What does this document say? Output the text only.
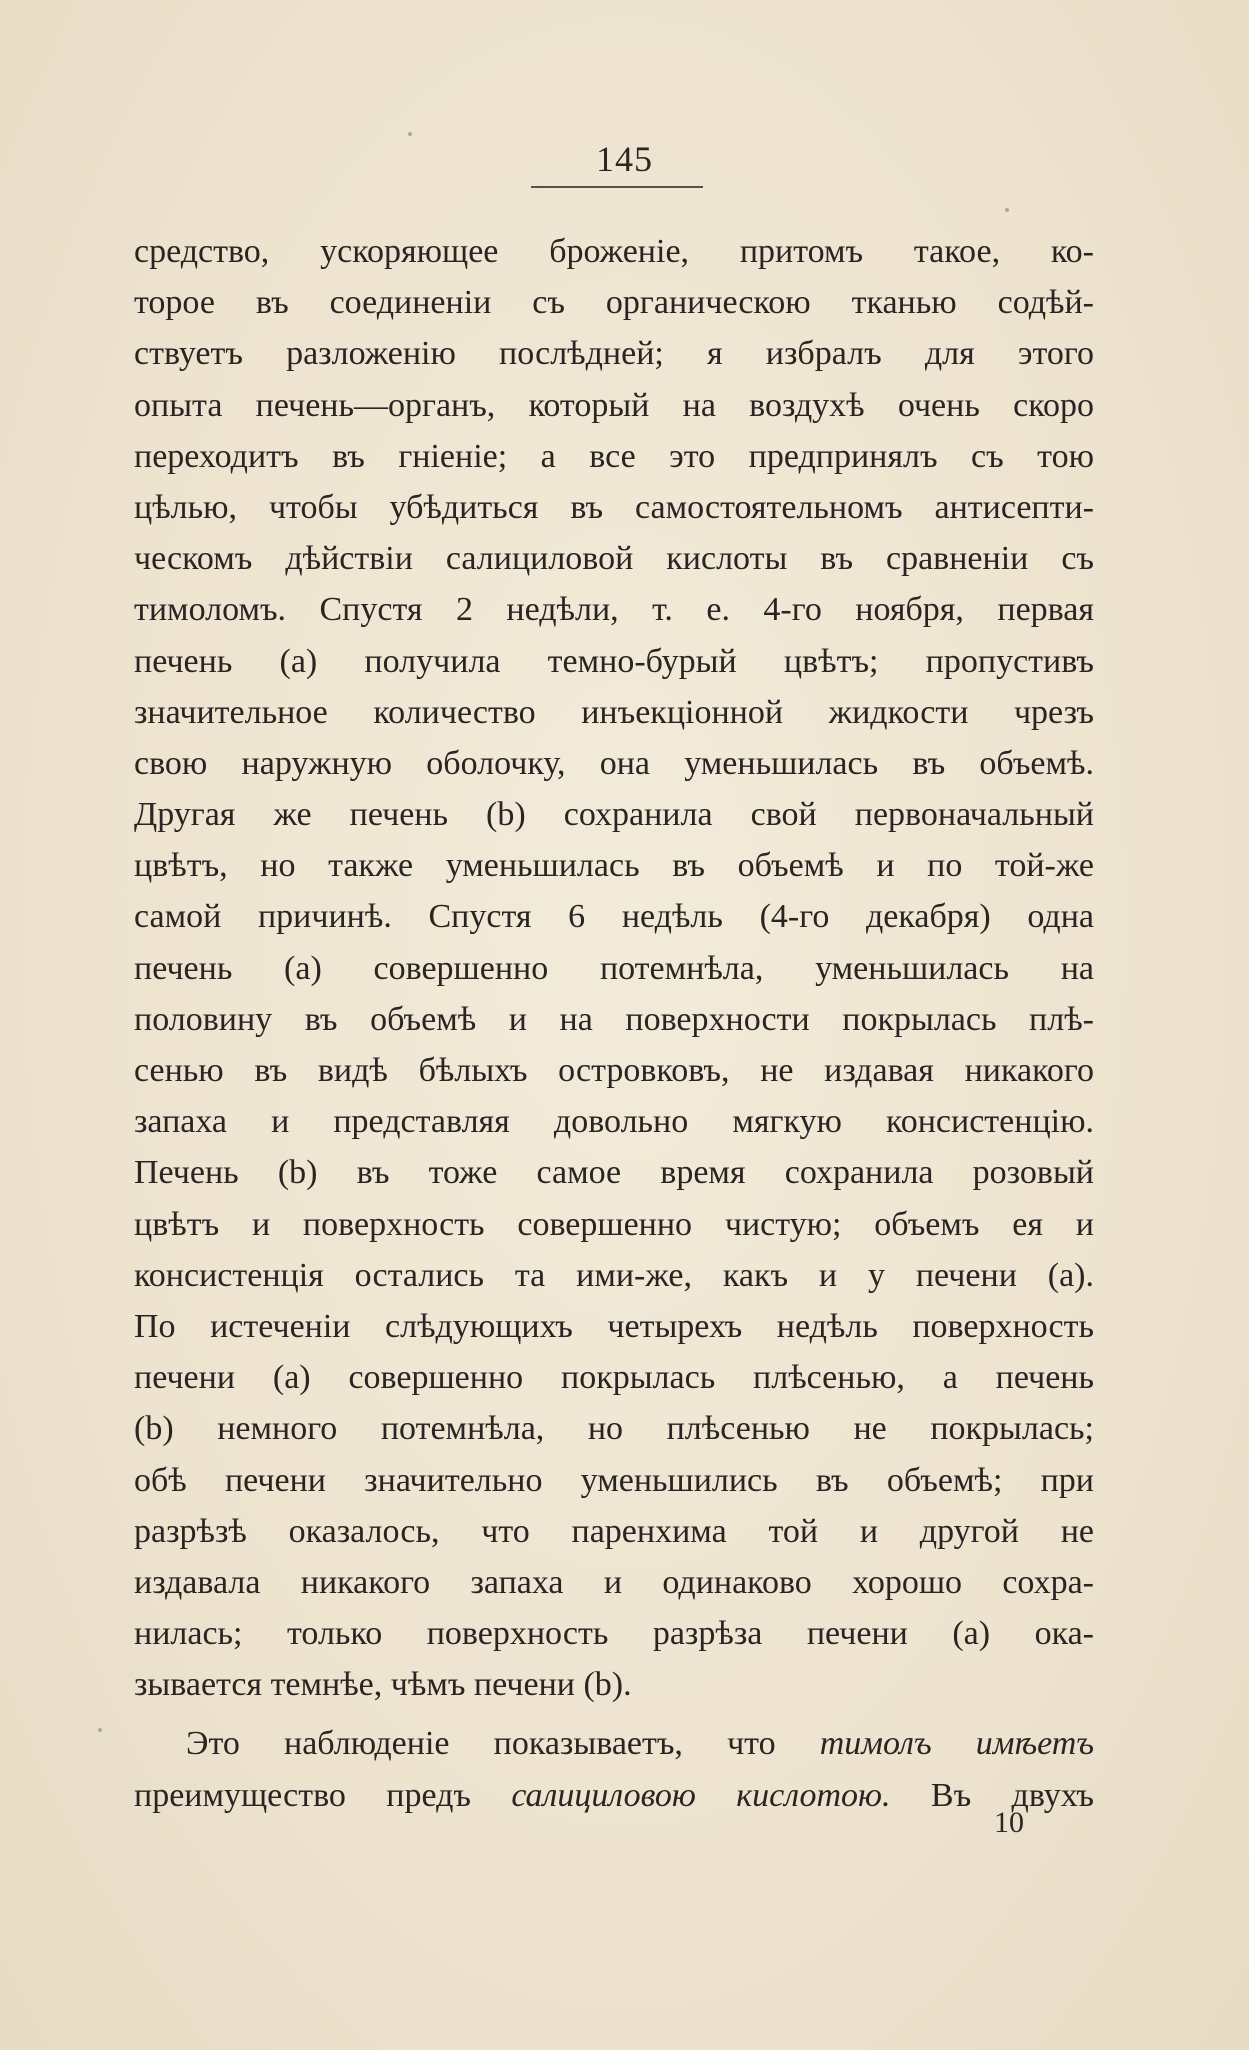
145
средство, ускоряющее броженіе, притомъ такое, ко-
торое въ соединеніи съ органическою тканью содѣй-
ствуетъ разложенію послѣдней; я избралъ для этого
опыта печень—органъ, который на воздухѣ очень скоро
переходитъ въ гніеніе; а все это предпринялъ съ тою
цѣлью, чтобы убѣдиться въ самостоятельномъ антисепти-
ческомъ дѣйствіи салициловой кислоты въ сравненіи съ
тимоломъ. Спустя 2 недѣли, т. е. 4-го ноября, первая
печень (a) получила темно-бурый цвѣтъ; пропустивъ
значительное количество инъекціонной жидкости чрезъ
свою наружную оболочку, она уменьшилась въ объемѣ.
Другая же печень (b) сохранила свой первоначальный
цвѣтъ, но также уменьшилась въ объемѣ и по той-же
самой причинѣ. Спустя 6 недѣль (4-го декабря) одна
печень (a) совершенно потемнѣла, уменьшилась на
половину въ объемѣ и на поверхности покрылась плѣ-
сенью въ видѣ бѣлыхъ островковъ, не издавая никакого
запаха и представляя довольно мягкую консистенцію.
Печень (b) въ тоже самое время сохранила розовый
цвѣтъ и поверхность совершенно чистую; объемъ ея и
консистенція остались та ими-же, какъ и у печени (a).
По истеченіи слѣдующихъ четырехъ недѣль поверхность
печени (a) совершенно покрылась плѣсенью, а печень
(b) немного потемнѣла, но плѣсенью не покрылась;
обѣ печени значительно уменьшились въ объемѣ; при
разрѣзѣ оказалось, что паренхима той и другой не
издавала никакого запаха и одинаково хорошо сохра-
нилась; только поверхность разрѣза печени (a) ока-
зывается темнѣе, чѣмъ печени (b).
Это наблюденіе показываетъ, что тимолъ имѣетъ
преимущество предъ салициловою кислотою. Въ двухъ
10
